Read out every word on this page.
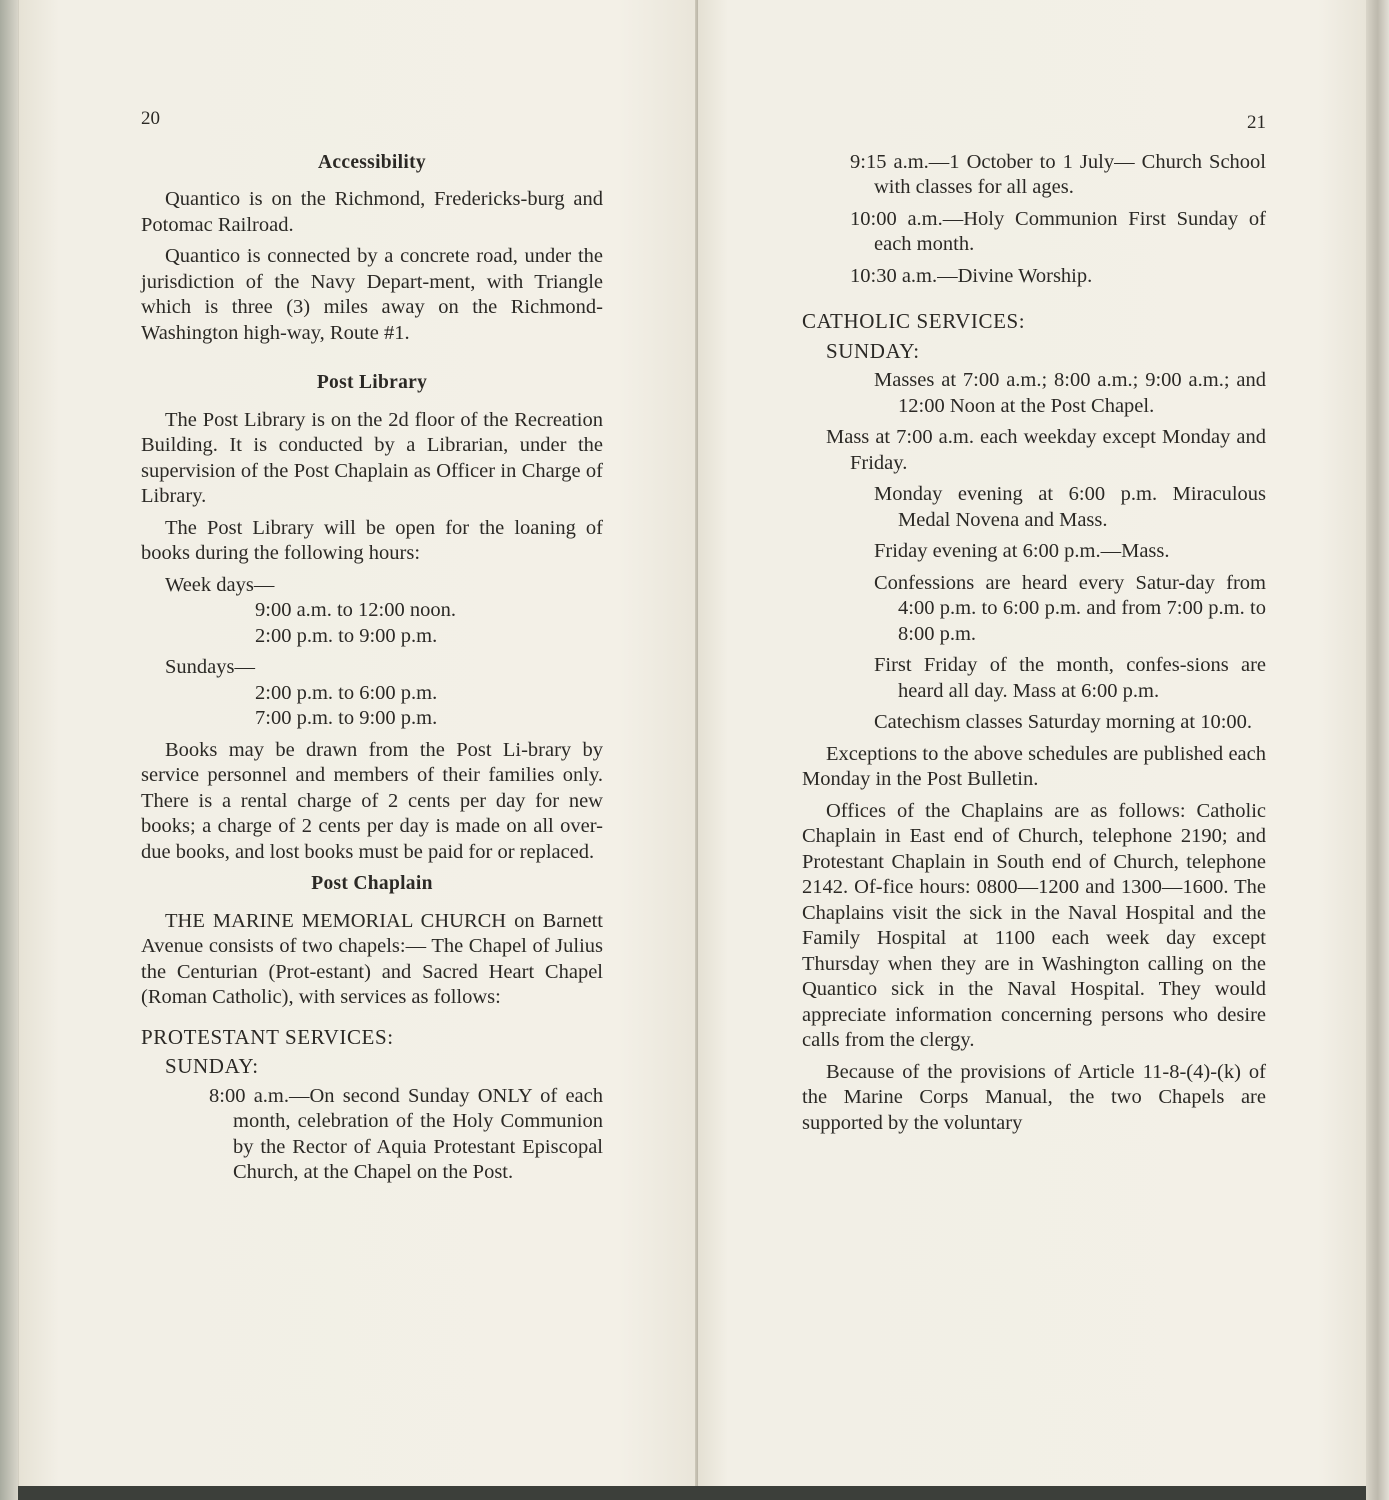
20
Accessibility

Quantico is on the Richmond, Fredericks-burg and Potomac Railroad.

Quantico is connected by a concrete road, under the jurisdiction of the Navy Depart-ment, with Triangle which is three (3) miles away on the Richmond-Washington high-way, Route #1.

Post Library

The Post Library is on the 2d floor of the Recreation Building. It is conducted by a Librarian, under the supervision of the Post Chaplain as Officer in Charge of Library.

The Post Library will be open for the loaning of books during the following hours:

Week days—
9:00 a.m. to 12:00 noon.
2:00 p.m. to 9:00 p.m.
Sundays—
2:00 p.m. to 6:00 p.m.
7:00 p.m. to 9:00 p.m.

Books may be drawn from the Post Li-brary by service personnel and members of their families only. There is a rental charge of 2 cents per day for new books; a charge of 2 cents per day is made on all over-due books, and lost books must be paid for or replaced.

Post Chaplain

THE MARINE MEMORIAL CHURCH on Barnett Avenue consists of two chapels:— The Chapel of Julius the Centurian (Prot-estant) and Sacred Heart Chapel (Roman Catholic), with services as follows:

PROTESTANT SERVICES:
SUNDAY:

8:00 a.m.—On second Sunday ONLY of each month, celebration of the Holy Communion by the Rector of Aquia Protestant Episcopal Church, at the Chapel on the Post.

21

9:15 a.m.—1 October to 1 July— Church School with classes for all ages.

10:00 a.m.—Holy Communion First Sunday of each month.

10:30 a.m.—Divine Worship.

CATHOLIC SERVICES:
SUNDAY:

Masses at 7:00 a.m.; 8:00 a.m.; 9:00 a.m.; and 12:00 Noon at the Post Chapel.

Mass at 7:00 a.m. each weekday except Monday and Friday.

Monday evening at 6:00 p.m. Miraculous Medal Novena and Mass.

Friday evening at 6:00 p.m.—Mass.

Confessions are heard every Satur-day from 4:00 p.m. to 6:00 p.m. and from 7:00 p.m. to 8:00 p.m.

First Friday of the month, confes-sions are heard all day. Mass at 6:00 p.m.

Catechism classes Saturday morning at 10:00.

Exceptions to the above schedules are published each Monday in the Post Bulletin.

Offices of the Chaplains are as follows: Catholic Chaplain in East end of Church, telephone 2190; and Protestant Chaplain in South end of Church, telephone 2142. Of-fice hours: 0800—1200 and 1300—1600. The Chaplains visit the sick in the Naval Hospital and the Family Hospital at 1100 each week day except Thursday when they are in Washington calling on the Quantico sick in the Naval Hospital. They would appreciate information concerning persons who desire calls from the clergy.

Because of the provisions of Article 11-8-(4)-(k) of the Marine Corps Manual, the two Chapels are supported by the voluntary
